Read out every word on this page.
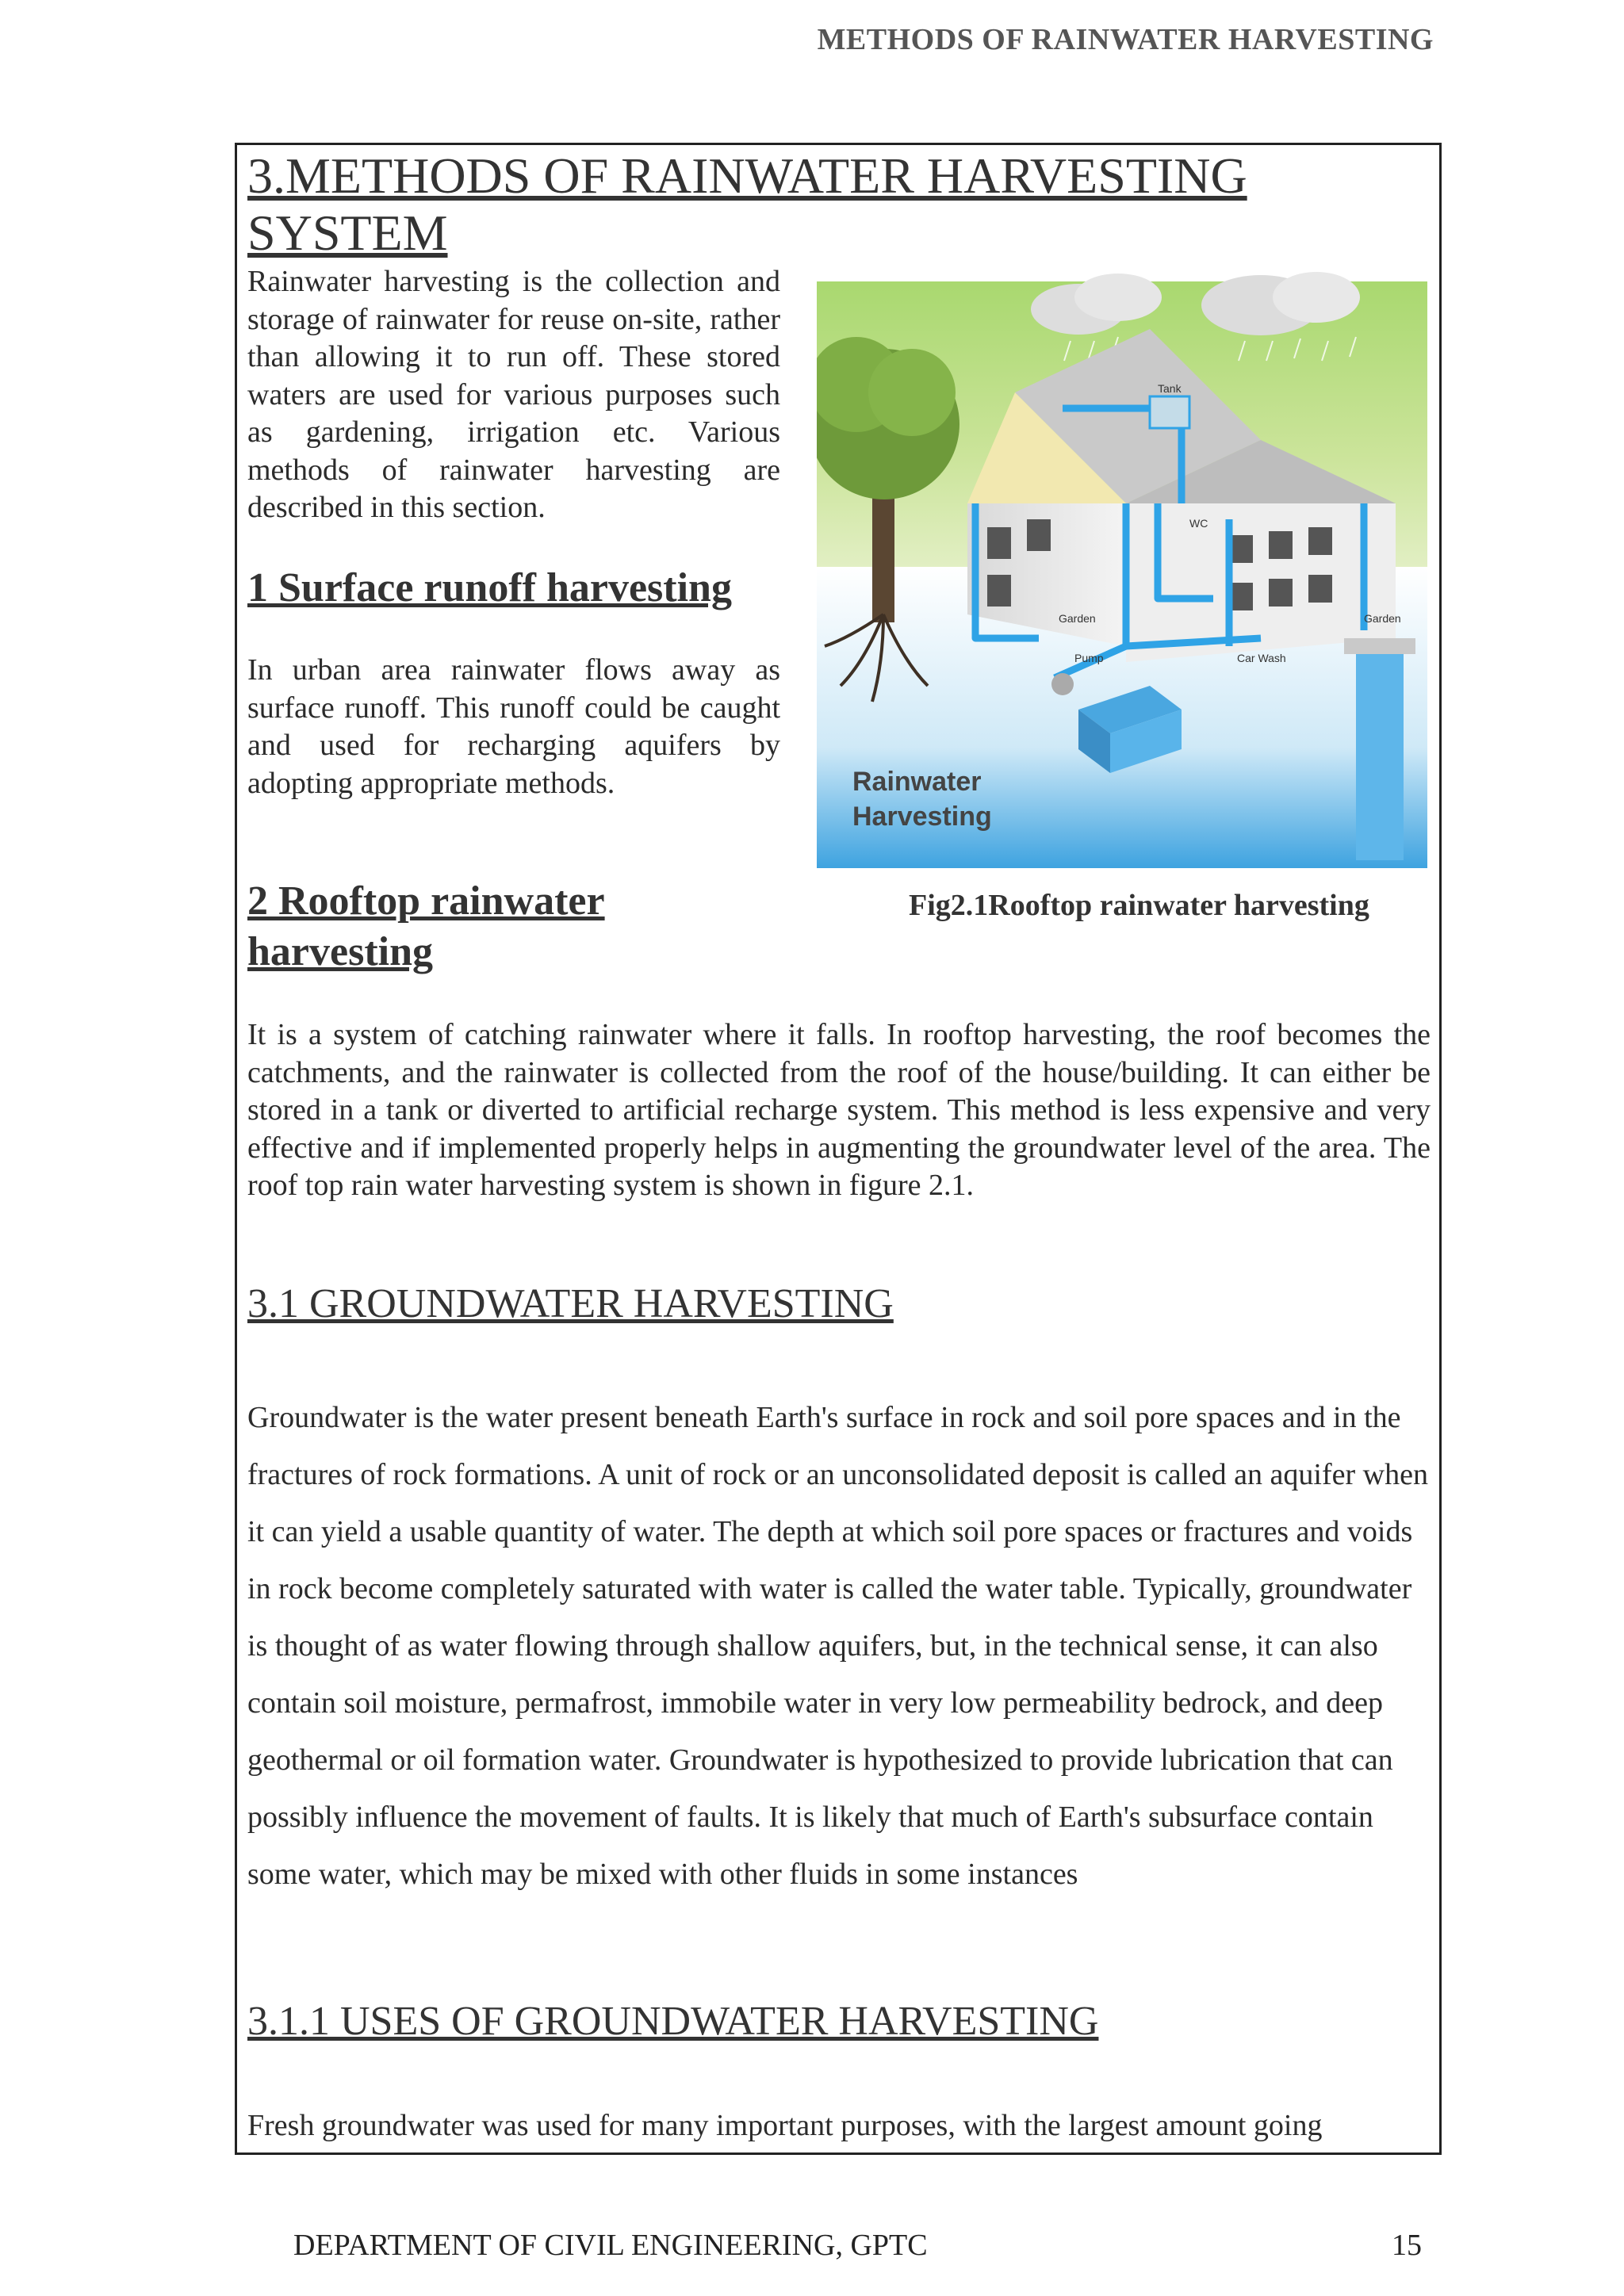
METHODS OF RAINWATER HARVESTING
3.METHODS OF RAINWATER HARVESTING SYSTEM
Rainwater harvesting is the collection and storage of rainwater for reuse on-site, rather than allowing it to run off. These stored waters are used for various purposes such as gardening, irrigation etc. Various methods of rainwater harvesting are described in this section.
1 Surface runoff harvesting
In urban area rainwater flows away as surface runoff. This runoff could be caught and used for recharging aquifers by adopting appropriate methods.
Tank
WC
Garden	Garden
Pump	Car Wash
Rainwater
Harvesting
Fig2.1Rooftop rainwater harvesting
2 Rooftop rainwater harvesting
It is a system of catching rainwater where it falls. In rooftop harvesting, the roof becomes the catchments, and the rainwater is collected from the roof of the house/building. It can either be stored in a tank or diverted to artificial recharge system. This method is less expensive and very effective and if implemented properly helps in augmenting the groundwater level of the area. The roof top rain water harvesting system is shown in figure 2.1.
3.1 GROUNDWATER HARVESTING
Groundwater is the water present beneath Earth's surface in rock and soil pore spaces and in the fractures of rock formations. A unit of rock or an unconsolidated deposit is called an aquifer when it can yield a usable quantity of water. The depth at which soil pore spaces or fractures and voids in rock become completely saturated with water is called the water table. Typically, groundwater is thought of as water flowing through shallow aquifers, but, in the technical sense, it can also contain soil moisture, permafrost, immobile water in very low permeability bedrock, and deep geothermal or oil formation water. Groundwater is hypothesized to provide lubrication that can possibly influence the movement of faults. It is likely that much of Earth's subsurface contain some water, which may be mixed with other fluids in some instances
3.1.1 USES OF GROUNDWATER HARVESTING
Fresh groundwater was used for many important purposes, with the largest amount going
DEPARTMENT OF CIVIL ENGINEERING, GPTC	15
